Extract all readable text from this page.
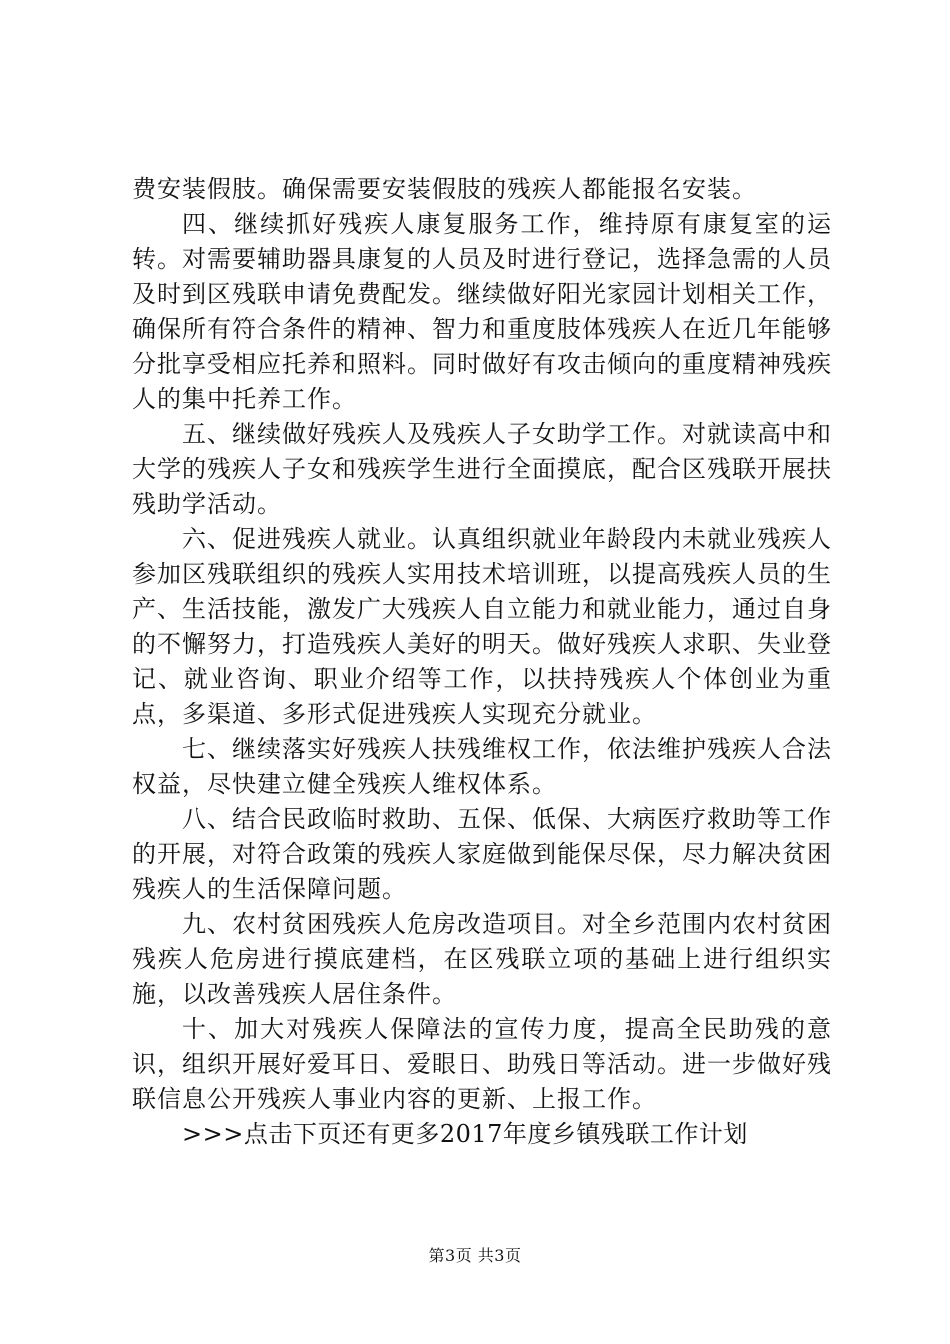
费安装假肢。确保需要安装假肢的残疾人都能报名安装。

四、继续抓好残疾人康复服务工作，维持原有康复室的运转。对需要辅助器具康复的人员及时进行登记，选择急需的人员及时到区残联申请免费配发。继续做好阳光家园计划相关工作，确保所有符合条件的精神、智力和重度肢体残疾人在近几年能够分批享受相应托养和照料。同时做好有攻击倾向的重度精神残疾人的集中托养工作。

五、继续做好残疾人及残疾人子女助学工作。对就读高中和大学的残疾人子女和残疾学生进行全面摸底，配合区残联开展扶残助学活动。

六、促进残疾人就业。认真组织就业年龄段内未就业残疾人参加区残联组织的残疾人实用技术培训班，以提高残疾人员的生产、生活技能，激发广大残疾人自立能力和就业能力，通过自身的不懈努力，打造残疾人美好的明天。做好残疾人求职、失业登记、就业咨询、职业介绍等工作，以扶持残疾人个体创业为重点，多渠道、多形式促进残疾人实现充分就业。

七、继续落实好残疾人扶残维权工作，依法维护残疾人合法权益，尽快建立健全残疾人维权体系。

八、结合民政临时救助、五保、低保、大病医疗救助等工作的开展，对符合政策的残疾人家庭做到能保尽保，尽力解决贫困残疾人的生活保障问题。

九、农村贫困残疾人危房改造项目。对全乡范围内农村贫困残疾人危房进行摸底建档，在区残联立项的基础上进行组织实施，以改善残疾人居住条件。

十、加大对残疾人保障法的宣传力度，提高全民助残的意识，组织开展好爱耳日、爱眼日、助残日等活动。进一步做好残联信息公开残疾人事业内容的更新、上报工作。

>>>点击下页还有更多2017年度乡镇残联工作计划

第3页 共3页
